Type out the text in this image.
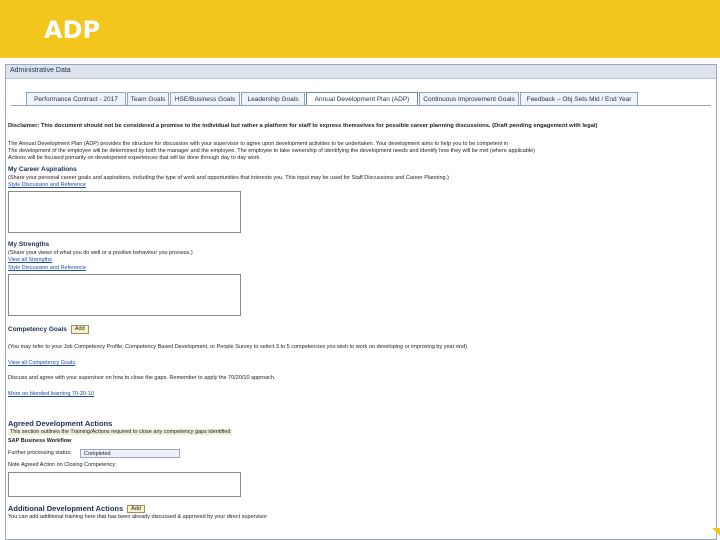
ADP
Administrative Data
Performance Contract - 2017	Team Goals	HSE/Business Goals	Leadership Goals	Annual Development Plan (ADP)	Continuous Improvement Goals	Feedback – Obj Sets Mid / End Year
Disclaimer: This document should not be considered a promise to the individual but rather a platform for staff to express themselves for possible career planning discussions. (Draft pending engagement with legal)
The Annual Development Plan (ADP) provides the structure for discussion with your supervisor to agree upon development activities to be undertaken. Your development aims to help you to be competent in
The development of the employee will be determined by both the manager and the employee. The employee to take ownership of identifying the development needs and identify how they will be met (where applicable)
Actions will be focused primarily on development experiences that will be done through day to day work.
My Career Aspirations
(Share your personal career goals and aspirations, including the type of work and opportunities that interests you. This input may be used for Staff Discussions and Career Planning.)
Style Discussion and Reference
My Strengths
(Share your views of what you do well or a positive behaviour you possess.)
View all Strengths
Style Discussion and Reference
Competency Goals Add
(You may refer to your Job Competency Profile, Competency Based Development, or People Survey to select 3 to 5 competencies you wish to work on developing or improving by year end)
View all Competency Goals
Discuss and agree with your supervisor on how to close the gaps. Remember to apply the 70/20/10 approach.
More on blended learning 70-20-10
Agreed Development Actions
This section outlines the Training/Actions required to close any competency gaps identified
SAP Business Workflow
Further processing status:	Completed
Note Agreed Action on Closing Competency:
Additional Development Actions Add
You can add additional training here that has been already discussed & approved by your direct supervisor
